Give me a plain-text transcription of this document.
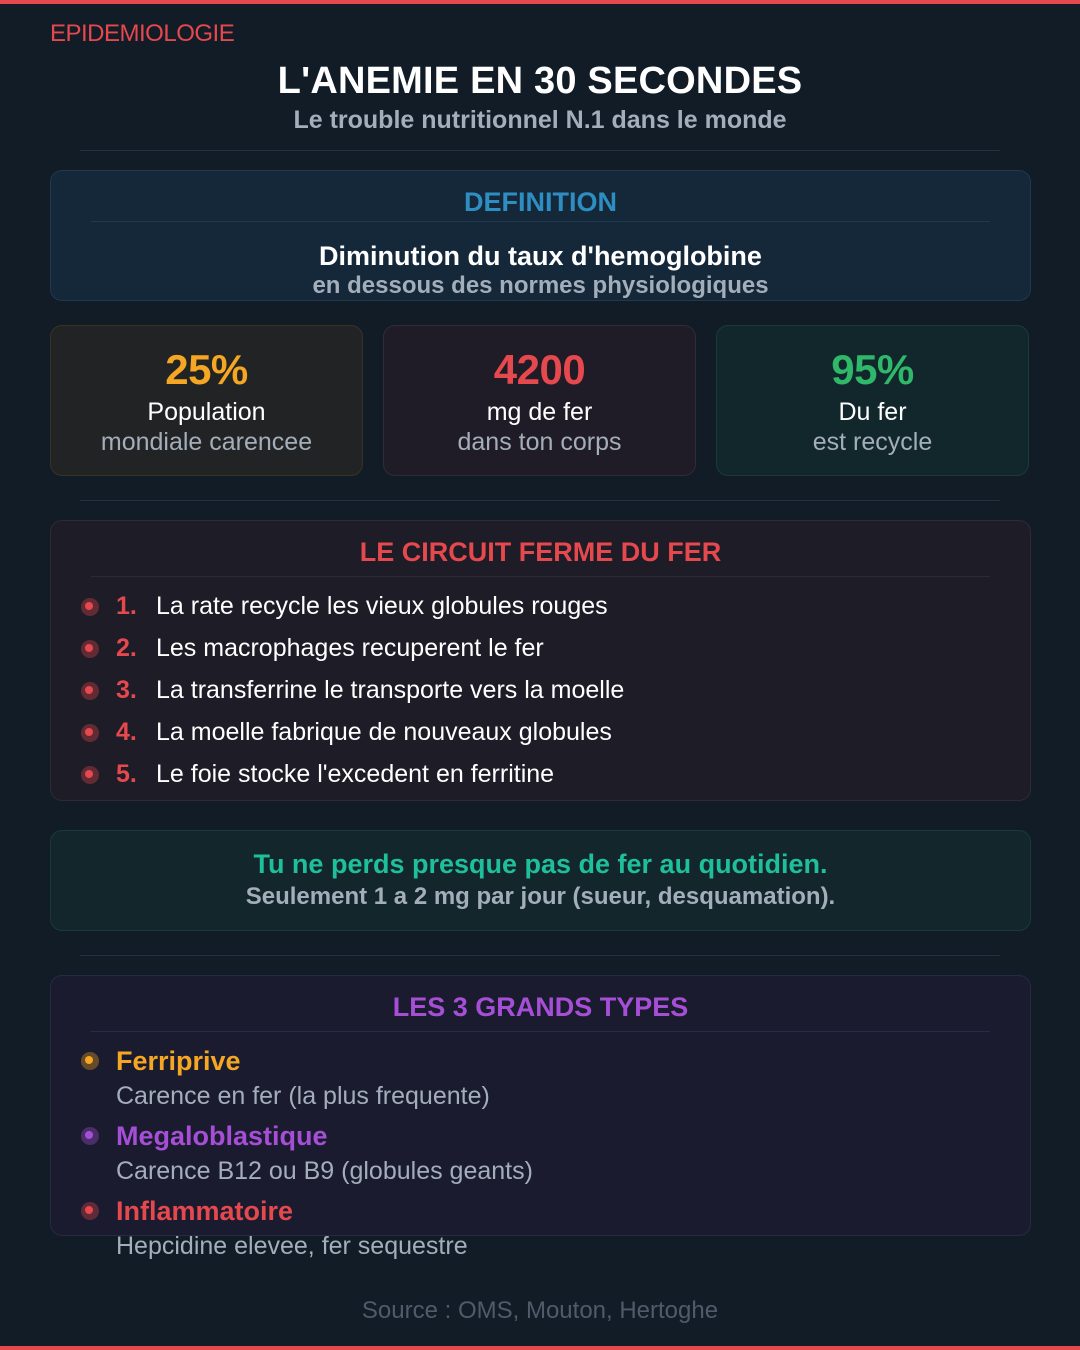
EPIDEMIOLOGIE
L'ANEMIE EN 30 SECONDES
Le trouble nutritionnel N.1 dans le monde
DEFINITION
Diminution du taux d'hemoglobine
en dessous des normes physiologiques
25%
Population
mondiale carencee
4200
mg de fer
dans ton corps
95%
Du fer
est recycle
LE CIRCUIT FERME DU FER
1. La rate recycle les vieux globules rouges
2. Les macrophages recuperent le fer
3. La transferrine le transporte vers la moelle
4. La moelle fabrique de nouveaux globules
5. Le foie stocke l'excedent en ferritine
Tu ne perds presque pas de fer au quotidien.
Seulement 1 a 2 mg par jour (sueur, desquamation).
LES 3 GRANDS TYPES
Ferriprive
Carence en fer (la plus frequente)
Megaloblastique
Carence B12 ou B9 (globules geants)
Inflammatoire
Hepcidine elevee, fer sequestre
Source : OMS, Mouton, Hertoghe
